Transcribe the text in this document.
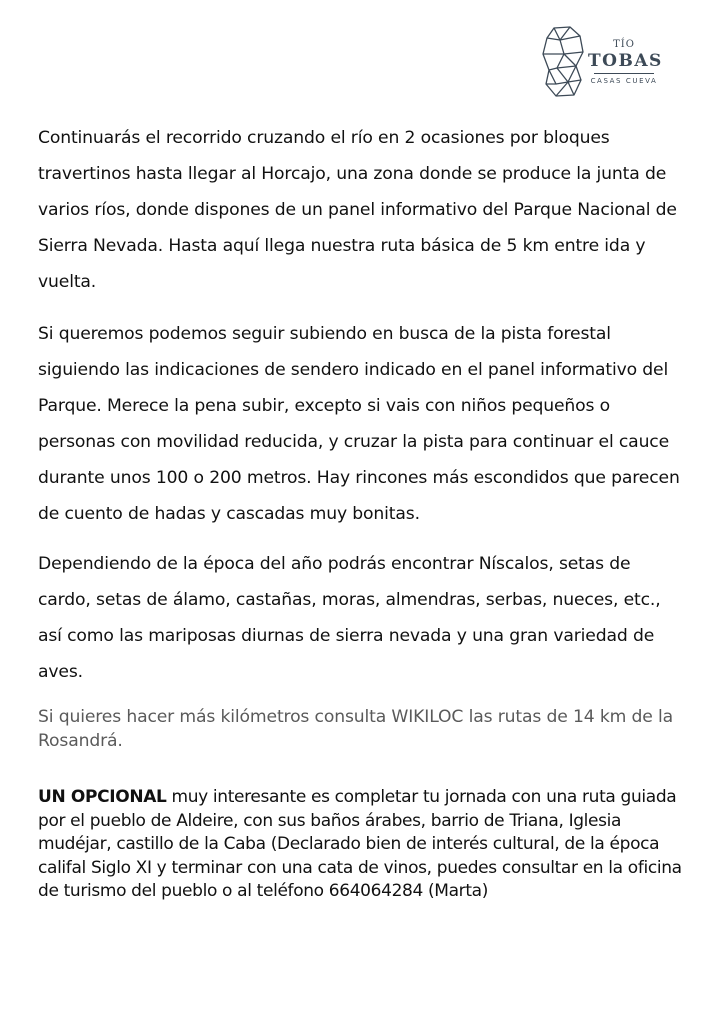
TÍO
TOBAS
CASAS CUEVA

Continuarás el recorrido cruzando el río en 2 ocasiones por bloques travertinos hasta llegar al Horcajo, una zona donde se produce la junta de varios ríos, donde dispones de un panel informativo del Parque Nacional de Sierra Nevada. Hasta aquí llega nuestra ruta básica de 5 km entre ida y vuelta.

Si queremos podemos seguir subiendo en busca de la pista forestal siguiendo las indicaciones de sendero indicado en el panel informativo del Parque. Merece la pena subir, excepto si vais con niños pequeños o personas con movilidad reducida, y cruzar la pista para continuar el cauce durante unos 100 o 200 metros. Hay rincones más escondidos que parecen de cuento de hadas y cascadas muy bonitas.

Dependiendo de la época del año podrás encontrar Níscalos, setas de cardo, setas de álamo, castañas, moras, almendras, serbas, nueces, etc., así como las mariposas diurnas de sierra nevada y una gran variedad de aves.

Si quieres hacer más kilómetros consulta WIKILOC las rutas de 14 km de la Rosandrá.

UN OPCIONAL muy interesante es completar tu jornada con una ruta guiada por el pueblo de Aldeire, con sus baños árabes, barrio de Triana, Iglesia mudéjar, castillo de la Caba (Declarado bien de interés cultural, de la época califal Siglo XI y terminar con una cata de vinos, puedes consultar en la oficina de turismo del pueblo o al teléfono 664064284 (Marta)
